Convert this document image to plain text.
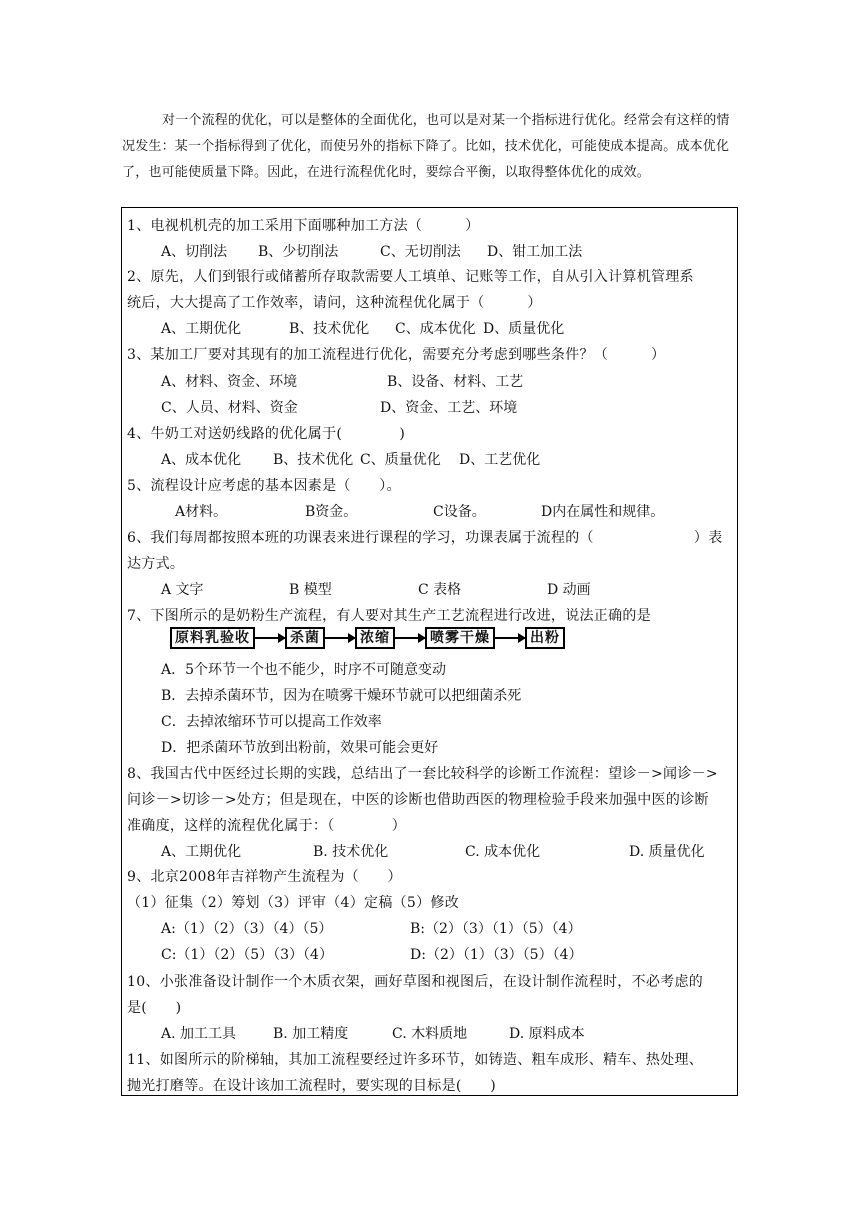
对一个流程的优化，可以是整体的全面优化，也可以是对某一个指标进行优化。经常会有这样的情况发生：某一个指标得到了优化，而使另外的指标下降了。比如，技术优化，可能使成本提高。成本优化了，也可能使质量下降。因此，在进行流程优化时，要综合平衡，以取得整体优化的成效。

1、电视机机壳的加工采用下面哪种加工方法（　　　）
A、切削法 B、少切削法	C、无切削法 D、钳工加工法
2、原先，人们到银行或储蓄所存取款需要人工填单、记账等工作，自从引入计算机管理系
统后，大大提高了工作效率，请问，这种流程优化属于（　　　）
A、工期优化	B、技术优化 C、成本优化 D、质量优化
3、某加工厂要对其现有的加工流程进行优化，需要充分考虑到哪些条件？（　　　）
A、材料、资金、环境	B、设备、材料、工艺
C、人员、材料、资金	D、资金、工艺、环境
4、牛奶工对送奶线路的优化属于(　　　　)
A、成本优化 B、技术优化 C、质量优化 D、工艺优化
5、流程设计应考虑的基本因素是（　　）。
A材料。	B资金。	C设备。	D内在属性和规律。
6、我们每周都按照本班的功课表来进行课程的学习，功课表属于流程的（　　　　　　　）表
达方式。
A 文字	B 模型	C 表格	D 动画
7、下图所示的是奶粉生产流程，有人要对其生产工艺流程进行改进，说法正确的是
原料乳验收	杀菌	浓缩	喷雾干燥	出粉
A．5个环节一个也不能少，时序不可随意变动
B．去掉杀菌环节，因为在喷雾干燥环节就可以把细菌杀死
C．去掉浓缩环节可以提高工作效率
D．把杀菌环节放到出粉前，效果可能会更好
8、我国古代中医经过长期的实践，总结出了一套比较科学的诊断工作流程：望诊－>闻诊－>
问诊－>切诊－>处方；但是现在，中医的诊断也借助西医的物理检验手段来加强中医的诊断
准确度，这样的流程优化属于：（　　　　）
A、工期优化	B. 技术优化	C. 成本优化	D. 质量优化
9、北京2008年吉祥物产生流程为（　　）
（1）征集（2）筹划（3）评审（4）定稿（5）修改
A:（1）（2）（3）（4）（5）	B:（2）（3）（1）（5）（4）
C:（1）（2）（5）（3）（4）	D:（2）（1）（3）（5）（4）
10、小张准备设计制作一个木质衣架，画好草图和视图后，在设计制作流程时，不必考虑的
是(　　)
A. 加工工具	B. 加工精度	C. 木料质地	D. 原料成本
11、如图所示的阶梯轴，其加工流程要经过许多环节，如铸造、粗车成形、精车、热处理、
抛光打磨等。在设计该加工流程时，要实现的目标是(　　)
